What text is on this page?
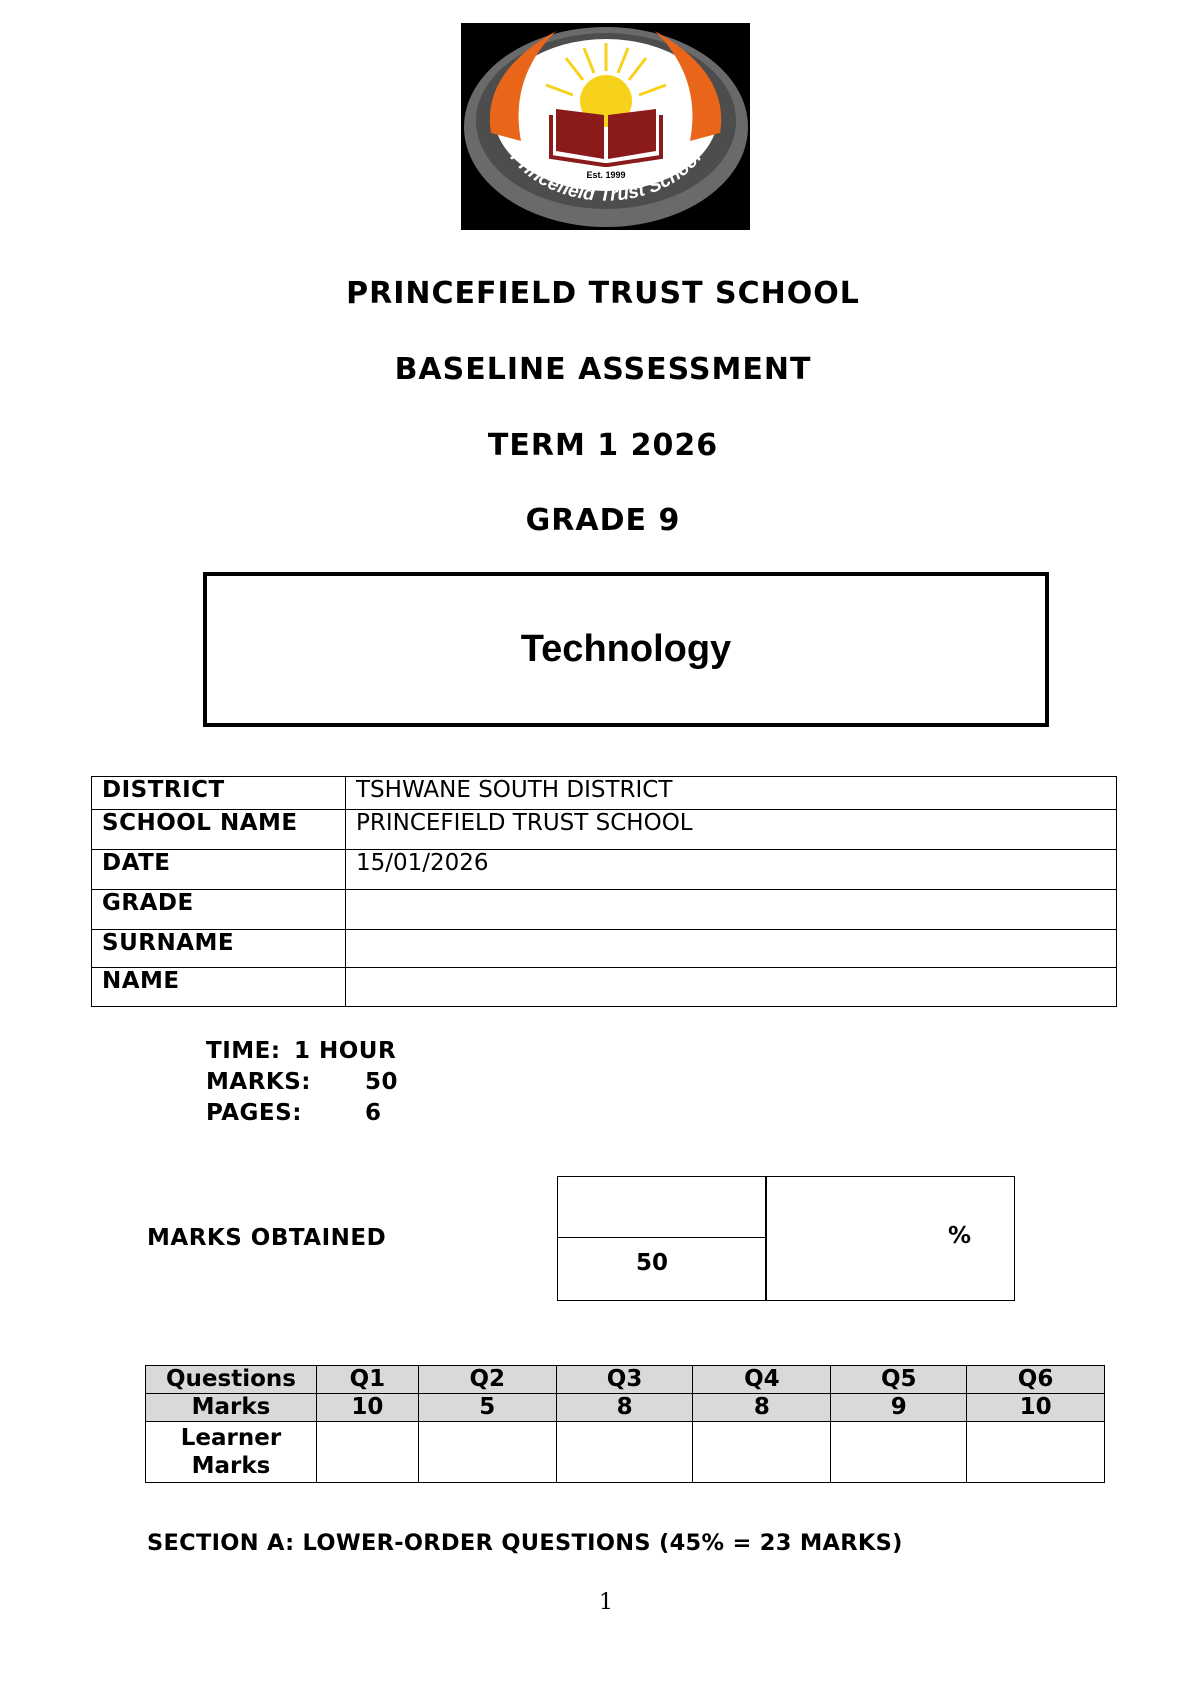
Est. 1999
Princefield Trust School
PRINCEFIELD TRUST SCHOOL
BASELINE ASSESSMENT
TERM 1 2026
GRADE 9
Technology
DISTRICT	TSHWANE SOUTH DISTRICT
SCHOOL NAME	PRINCEFIELD TRUST SCHOOL
DATE	15/01/2026
GRADE	
SURNAME	
NAME	
TIME: 1 HOUR
MARKS: 50
PAGES:	6
MARKS OBTAINED
50
%
Questions	Q1	Q2	Q3	Q4	Q5	Q6
Marks	10	5	8	8	9	10
Learner Marks						
SECTION A: LOWER-ORDER QUESTIONS (45% = 23 MARKS)
1
